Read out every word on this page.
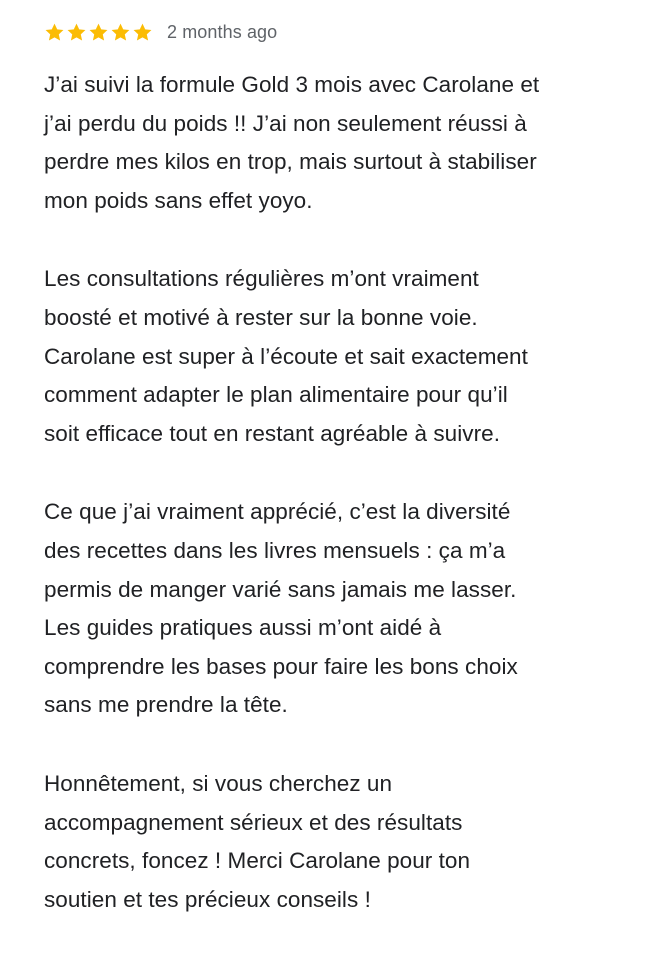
2 months ago

J’ai suivi la formule Gold 3 mois avec Carolane et
j’ai perdu du poids !! J’ai non seulement réussi à
perdre mes kilos en trop, mais surtout à stabiliser
mon poids sans effet yoyo.

Les consultations régulières m’ont vraiment
boosté et motivé à rester sur la bonne voie.
Carolane est super à l’écoute et sait exactement
comment adapter le plan alimentaire pour qu’il
soit efficace tout en restant agréable à suivre.

Ce que j’ai vraiment apprécié, c’est la diversité
des recettes dans les livres mensuels : ça m’a
permis de manger varié sans jamais me lasser.
Les guides pratiques aussi m’ont aidé à
comprendre les bases pour faire les bons choix
sans me prendre la tête.

Honnêtement, si vous cherchez un
accompagnement sérieux et des résultats
concrets, foncez ! Merci Carolane pour ton
soutien et tes précieux conseils !
